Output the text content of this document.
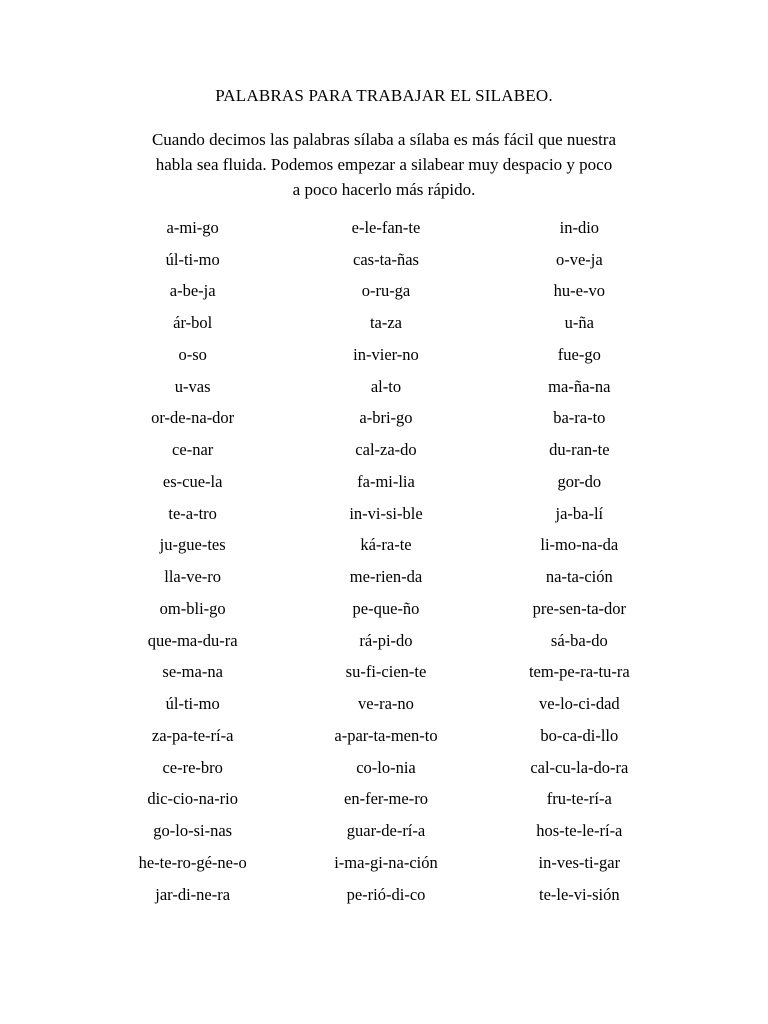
PALABRAS PARA TRABAJAR EL SILABEO.
Cuando decimos las palabras sílaba a sílaba es más fácil que nuestra
habla sea fluida. Podemos empezar a silabear muy despacio y poco
a poco hacerlo más rápido.
a-mi-go	e-le-fan-te	in-dio
úl-ti-mo	cas-ta-ñas	o-ve-ja
a-be-ja	o-ru-ga	hu-e-vo
ár-bol	ta-za	u-ña
o-so	in-vier-no	fue-go
u-vas	al-to	ma-ña-na
or-de-na-dor	a-bri-go	ba-ra-to
ce-nar	cal-za-do	du-ran-te
es-cue-la	fa-mi-lia	gor-do
te-a-tro	in-vi-si-ble	ja-ba-lí
ju-gue-tes	ká-ra-te	li-mo-na-da
lla-ve-ro	me-rien-da	na-ta-ción
om-bli-go	pe-que-ño	pre-sen-ta-dor
que-ma-du-ra	rá-pi-do	sá-ba-do
se-ma-na	su-fi-cien-te	tem-pe-ra-tu-ra
úl-ti-mo	ve-ra-no	ve-lo-ci-dad
za-pa-te-rí-a	a-par-ta-men-to	bo-ca-di-llo
ce-re-bro	co-lo-nia	cal-cu-la-do-ra
dic-cio-na-rio	en-fer-me-ro	fru-te-rí-a
go-lo-si-nas	guar-de-rí-a	hos-te-le-rí-a
he-te-ro-gé-ne-o	i-ma-gi-na-ción	in-ves-ti-gar
jar-di-ne-ra	pe-rió-di-co	te-le-vi-sión
